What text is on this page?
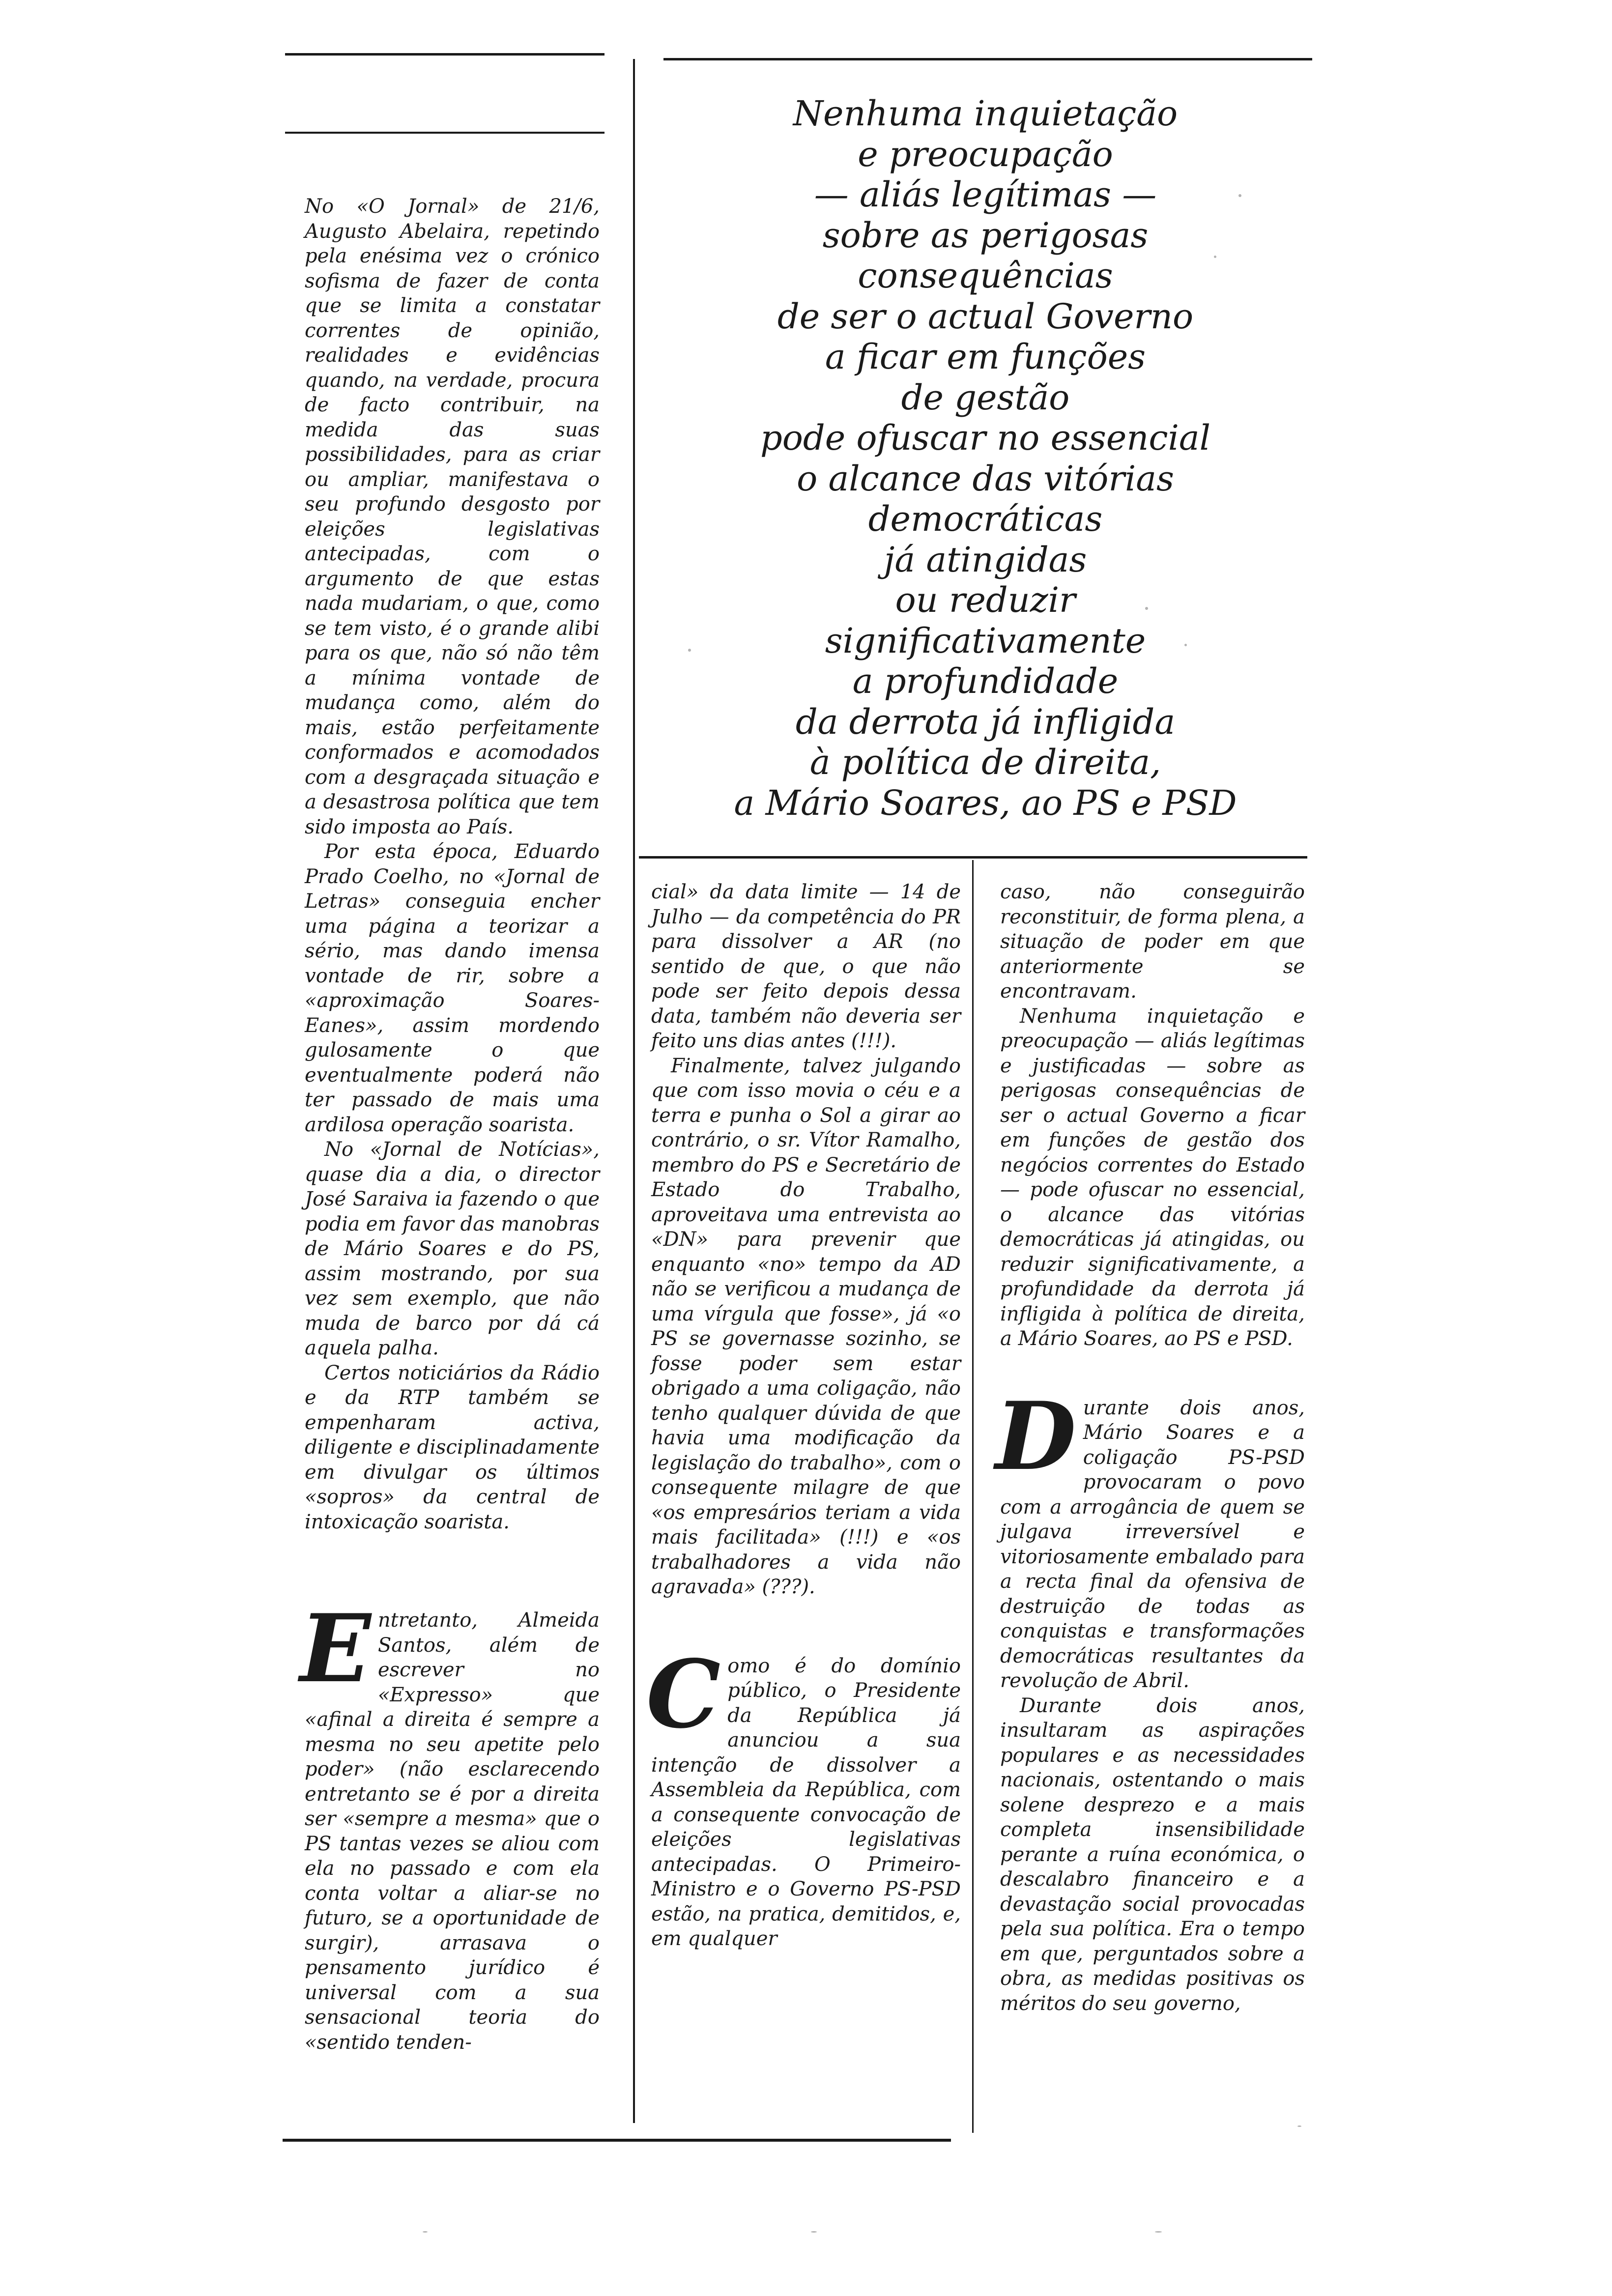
Nenhuma inquietação
e preocupação
— aliás legítimas —
sobre as perigosas
consequências
de ser o actual Governo
a ficar em funções
de gestão
pode ofuscar no essencial
o alcance das vitórias
democráticas
já atingidas
ou reduzir
significativamente
a profundidade
da derrota já infligida
à política de direita,
a Mário Soares, ao PS e PSD

No «O Jornal» de 21/6, Augusto Abelaira, repetindo pela enésima vez o crónico sofisma de fazer de conta que se limita a constatar correntes de opinião, realidades e evidências quando, na verdade, procura de facto contribuir, na medida das suas possibilidades, para as criar ou ampliar, manifestava o seu profundo desgosto por eleições legislativas antecipadas, com o argumento de que estas nada mudariam, o que, como se tem visto, é o grande alibi para os que, não só não têm a mínima vontade de mudança como, além do mais, estão perfeitamente conformados e acomodados com a desgraçada situação e a desastrosa política que tem sido imposta ao País.

Por esta época, Eduardo Prado Coelho, no «Jornal de Letras» conseguia encher uma página a teorizar a sério, mas dando imensa vontade de rir, sobre a «aproximação Soares-Eanes», assim mordendo gulosamente o que eventualmente poderá não ter passado de mais uma ardilosa operação soarista.

No «Jornal de Notícias», quase dia a dia, o director José Saraiva ia fazendo o que podia em favor das manobras de Mário Soares e do PS, assim mostrando, por sua vez sem exemplo, que não muda de barco por dá cá aquela palha.

Certos noticiários da Rádio e da RTP também se empenharam activa, diligente e disciplinadamente em divulgar os últimos «sopros» da central de intoxicação soarista.

Entretanto, Almeida Santos, além de escrever no «Expresso» que «afinal a direita é sempre a mesma no seu apetite pelo poder» (não esclarecendo entretanto se é por a direita ser «sempre a mesma» que o PS tantas vezes se aliou com ela no passado e com ela conta voltar a aliar-se no futuro, se a oportunidade de surgir), arrasava o pensamento jurídico é universal com a sua sensacional teoria do «sentido tenden-

cial» da data limite — 14 de Julho — da competência do PR para dissolver a AR (no sentido de que, o que não pode ser feito depois dessa data, também não deveria ser feito uns dias antes (!!!).

Finalmente, talvez julgando que com isso movia o céu e a terra e punha o Sol a girar ao contrário, o sr. Vítor Ramalho, membro do PS e Secretário de Estado do Trabalho, aproveitava uma entrevista ao «DN» para prevenir que enquanto «no» tempo da AD não se verificou a mudança de uma vírgula que fosse», já «o PS se governasse sozinho, se fosse poder sem estar obrigado a uma coligação, não tenho qualquer dúvida de que havia uma modificação da legislação do trabalho», com o consequente milagre de que «os empresários teriam a vida mais facilitada» (!!!) e «os trabalhadores a vida não agravada» (???).

Como é do domínio público, o Presidente da República já anunciou a sua intenção de dissolver a Assembleia da República, com a consequente convocação de eleições legislativas antecipadas. O Primeiro-Ministro e o Governo PS-PSD estão, na pratica, demitidos, e, em qualquer

caso, não conseguirão reconstituir, de forma plena, a situação de poder em que anteriormente se encontravam.

Nenhuma inquietação e preocupação — aliás legítimas e justificadas — sobre as perigosas consequências de ser o actual Governo a ficar em funções de gestão dos negócios correntes do Estado — pode ofuscar no essencial, o alcance das vitórias democráticas já atingidas, ou reduzir significativamente, a profundidade da derrota já infligida à política de direita, a Mário Soares, ao PS e PSD.

Durante dois anos, Mário Soares e a coligação PS-PSD provocaram o povo com a arrogância de quem se julgava irreversível e vitoriosamente embalado para a recta final da ofensiva de destruição de todas as conquistas e transformações democráticas resultantes da revolução de Abril.

Durante dois anos, insultaram as aspirações populares e as necessidades nacionais, ostentando o mais solene desprezo e a mais completa insensibilidade perante a ruína económica, o descalabro financeiro e a devastação social provocadas pela sua política. Era o tempo em que, perguntados sobre a obra, as medidas positivas os méritos do seu governo,
